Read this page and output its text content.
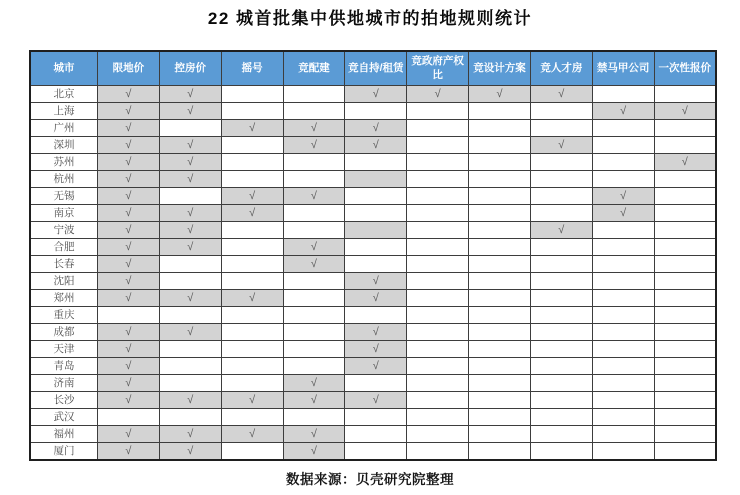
22 城首批集中供地城市的拍地规则统计
城市	限地价	控房价	摇号	竞配建	竞自持/租赁	竞政府产权比	竞设计方案	竞人才房	禁马甲公司	一次性报价
北京	√	√			√	√	√	√		
上海	√	√							√	√
广州	√		√	√	√					
深圳	√	√		√	√			√		
苏州	√	√								√
杭州	√	√								
无锡	√		√	√					√	
南京	√	√	√						√	
宁波	√	√						√		
合肥	√	√		√						
长春	√			√						
沈阳	√				√					
郑州	√	√	√		√					
重庆										
成都	√	√			√					
天津	√				√					
青岛	√				√					
济南	√			√						
长沙	√	√	√	√	√					
武汉										
福州	√	√	√	√						
厦门	√	√		√						
数据来源：贝壳研究院整理
